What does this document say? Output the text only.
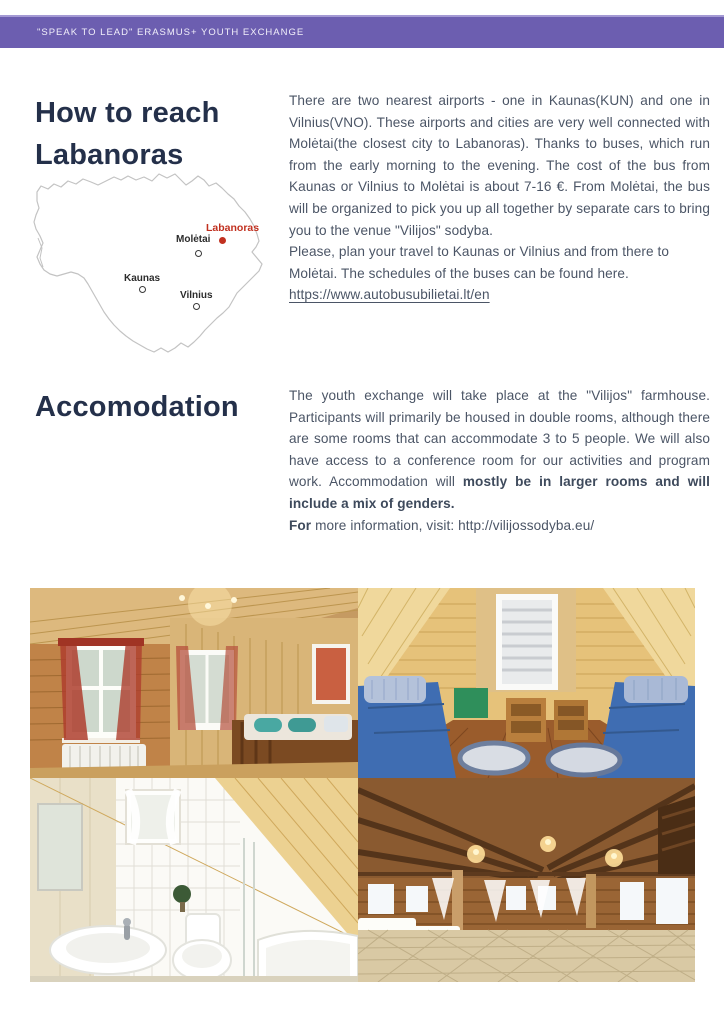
"SPEAK TO LEAD" ERASMUS+ YOUTH EXCHANGE
How to reach
Labanoras
Labanoras
Molėtai
Kaunas
Vilnius

There are two nearest airports - one in Kaunas(KUN) and one in Vilnius(VNO). These airports and cities are very well connected with Molėtai(the closest city to Labanoras). Thanks to buses, which run from the early morning to the evening. The cost of the bus from Kaunas or Vilnius to Molėtai is about 7-16 €. From Molėtai, the bus will be organized to pick you up all together by separate cars to bring you to the venue "Vilijos" sodyba.

Please, plan your travel to Kaunas or Vilnius and from there to Molėtai. The schedules of the buses can be found here.

https://www.autobusubilietai.lt/en

Accomodation	The youth exchange will take place at the "Vilijos" farmhouse. Participants will primarily be housed in double rooms, although there are some rooms that can accommodate 3 to 5 people. We will also have access to a conference room for our activities and program work. Accommodation will mostly be in larger rooms and will include a mix of genders.

For more information, visit: http://vilijossodyba.eu/
